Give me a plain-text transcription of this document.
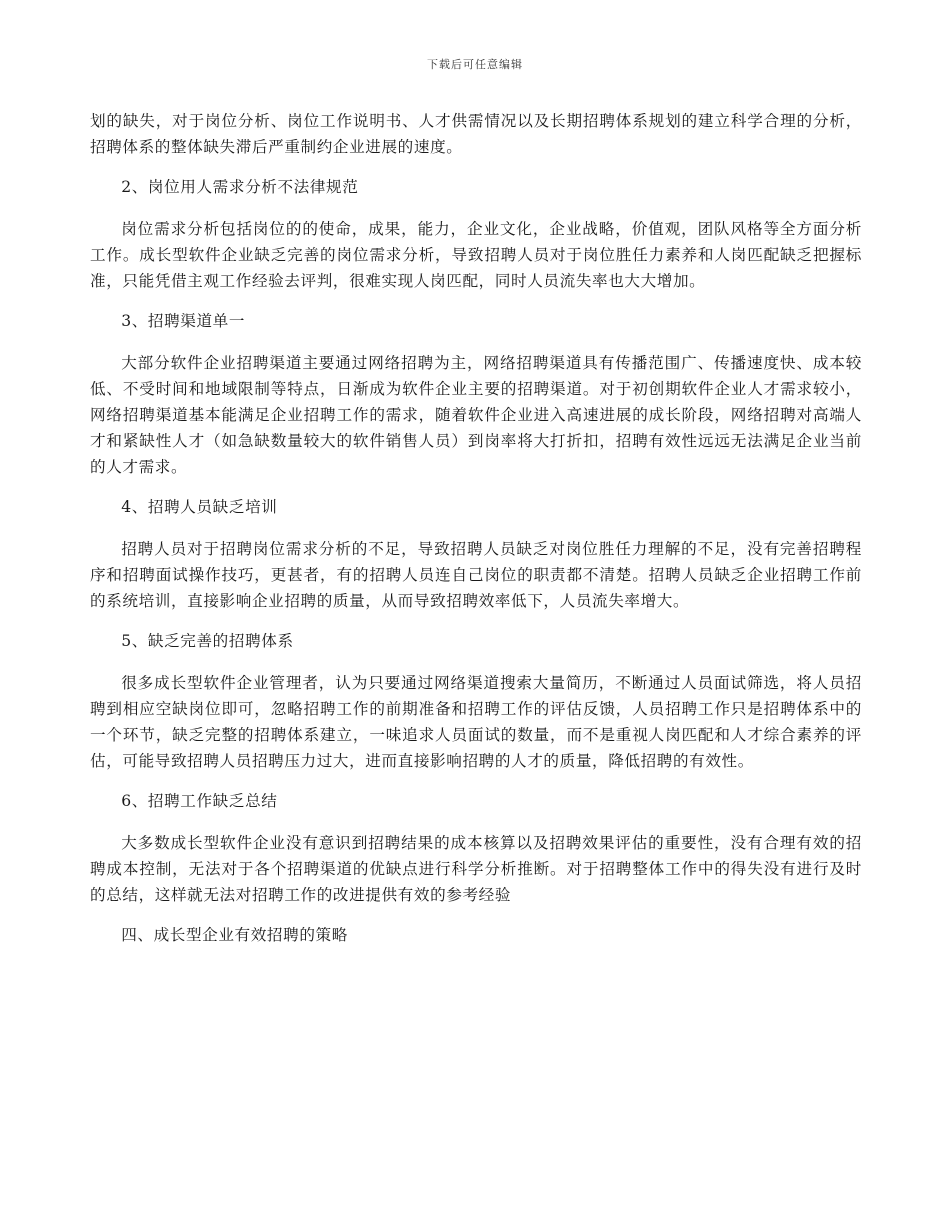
下载后可任意编辑

划的缺失，对于岗位分析、岗位工作说明书、人才供需情况以及长期招聘体系规划的建立科学合理的分析，招聘体系的整体缺失滞后严重制约企业进展的速度。

2、岗位用人需求分析不法律规范

岗位需求分析包括岗位的的使命，成果，能力，企业文化，企业战略，价值观，团队风格等全方面分析工作。成长型软件企业缺乏完善的岗位需求分析，导致招聘人员对于岗位胜任力素养和人岗匹配缺乏把握标准，只能凭借主观工作经验去评判，很难实现人岗匹配，同时人员流失率也大大增加。

3、招聘渠道单一

大部分软件企业招聘渠道主要通过网络招聘为主，网络招聘渠道具有传播范围广、传播速度快、成本较低、不受时间和地域限制等特点，日渐成为软件企业主要的招聘渠道。对于初创期软件企业人才需求较小，网络招聘渠道基本能满足企业招聘工作的需求，随着软件企业进入高速进展的成长阶段，网络招聘对高端人才和紧缺性人才（如急缺数量较大的软件销售人员）到岗率将大打折扣，招聘有效性远远无法满足企业当前的人才需求。

4、招聘人员缺乏培训

招聘人员对于招聘岗位需求分析的不足，导致招聘人员缺乏对岗位胜任力理解的不足，没有完善招聘程序和招聘面试操作技巧，更甚者，有的招聘人员连自己岗位的职责都不清楚。招聘人员缺乏企业招聘工作前的系统培训，直接影响企业招聘的质量，从而导致招聘效率低下，人员流失率增大。

5、缺乏完善的招聘体系

很多成长型软件企业管理者，认为只要通过网络渠道搜索大量简历，不断通过人员面试筛选，将人员招聘到相应空缺岗位即可，忽略招聘工作的前期准备和招聘工作的评估反馈，人员招聘工作只是招聘体系中的一个环节，缺乏完整的招聘体系建立，一味追求人员面试的数量，而不是重视人岗匹配和人才综合素养的评估，可能导致招聘人员招聘压力过大，进而直接影响招聘的人才的质量，降低招聘的有效性。

6、招聘工作缺乏总结

大多数成长型软件企业没有意识到招聘结果的成本核算以及招聘效果评估的重要性，没有合理有效的招聘成本控制，无法对于各个招聘渠道的优缺点进行科学分析推断。对于招聘整体工作中的得失没有进行及时的总结，这样就无法对招聘工作的改进提供有效的参考经验

四、成长型企业有效招聘的策略
